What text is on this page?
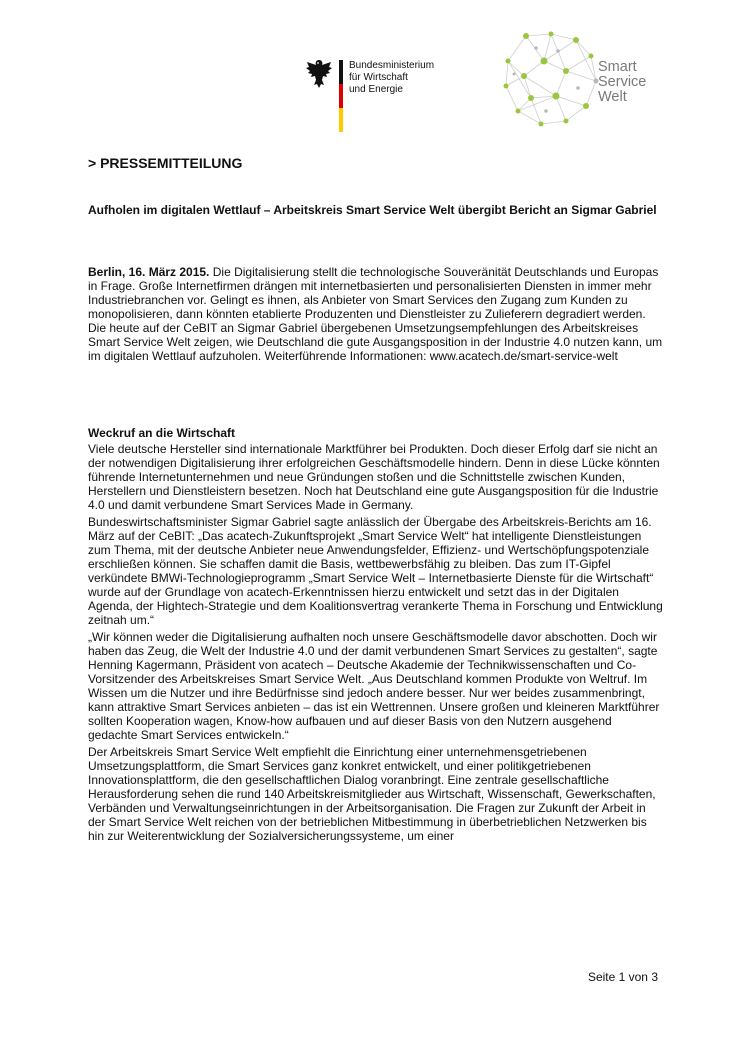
Bundesministerium
für Wirtschaft
und Energie
Smart
Service
Welt
> PRESSEMITTEILUNG
Aufholen im digitalen Wettlauf – Arbeitskreis Smart Service Welt übergibt Bericht an Sigmar Gabriel
Berlin, 16. März 2015. Die Digitalisierung stellt die technologische Souveränität Deutschlands und Europas in Frage. Große Internetfirmen drängen mit internetbasierten und personalisierten Diensten in immer mehr Industriebranchen vor. Gelingt es ihnen, als Anbieter von Smart Services den Zugang zum Kunden zu monopolisieren, dann könnten etablierte Produzenten und Dienstleister zu Zulieferern degradiert werden. Die heute auf der CeBIT an Sigmar Gabriel übergebenen Umsetzungsempfehlungen des Arbeitskreises Smart Service Welt zeigen, wie Deutschland die gute Ausgangsposition in der Industrie 4.0 nutzen kann, um im digitalen Wettlauf aufzuholen. Weiterführende Informationen: www.acatech.de/smart-service-welt
Weckruf an die Wirtschaft

Viele deutsche Hersteller sind internationale Marktführer bei Produkten. Doch dieser Erfolg darf sie nicht an der notwendigen Digitalisierung ihrer erfolgreichen Geschäftsmodelle hindern. Denn in diese Lücke könnten führende Internetunternehmen und neue Gründungen stoßen und die Schnittstelle zwischen Kunden, Herstellern und Dienstleistern besetzen. Noch hat Deutschland eine gute Ausgangsposition für die Industrie 4.0 und damit verbundene Smart Services Made in Germany.

Bundeswirtschaftsminister Sigmar Gabriel sagte anlässlich der Übergabe des Arbeitskreis-Berichts am 16. März auf der CeBIT: „Das acatech-Zukunftsprojekt „Smart Service Welt“ hat intelligente Dienstleistungen zum Thema, mit der deutsche Anbieter neue Anwendungsfelder, Effizienz- und Wertschöpfungspotenziale erschließen können. Sie schaffen damit die Basis, wettbewerbsfähig zu bleiben. Das zum IT-Gipfel verkündete BMWi-Technologieprogramm „Smart Service Welt – Internetbasierte Dienste für die Wirtschaft“ wurde auf der Grundlage von acatech-Erkenntnissen hierzu entwickelt und setzt das in der Digitalen Agenda, der Hightech-Strategie und dem Koalitionsvertrag verankerte Thema in Forschung und Entwicklung zeitnah um.“

„Wir können weder die Digitalisierung aufhalten noch unsere Geschäftsmodelle davor abschotten. Doch wir haben das Zeug, die Welt der Industrie 4.0 und der damit verbundenen Smart Services zu gestalten“, sagte Henning Kagermann, Präsident von acatech – Deutsche Akademie der Technikwissenschaften und Co-Vorsitzender des Arbeitskreises Smart Service Welt. „Aus Deutschland kommen Produkte von Weltruf. Im Wissen um die Nutzer und ihre Bedürfnisse sind jedoch andere besser. Nur wer beides zusammenbringt, kann attraktive Smart Services anbieten – das ist ein Wettrennen. Unsere großen und kleineren Marktführer sollten Kooperation wagen, Know-how aufbauen und auf dieser Basis von den Nutzern ausgehend gedachte Smart Services entwickeln.“

Der Arbeitskreis Smart Service Welt empfiehlt die Einrichtung einer unternehmensgetriebenen Umsetzungsplattform, die Smart Services ganz konkret entwickelt, und einer politikgetriebenen Innovationsplattform, die den gesellschaftlichen Dialog voranbringt. Eine zentrale gesellschaftliche Herausforderung sehen die rund 140 Arbeitskreismitglieder aus Wirtschaft, Wissenschaft, Gewerkschaften, Verbänden und Verwaltungseinrichtungen in der Arbeitsorganisation. Die Fragen zur Zukunft der Arbeit in der Smart Service Welt reichen von der betrieblichen Mitbestimmung in überbetrieblichen Netzwerken bis hin zur Weiterentwicklung der Sozialversicherungssysteme, um einer

Seite 1 von 3
